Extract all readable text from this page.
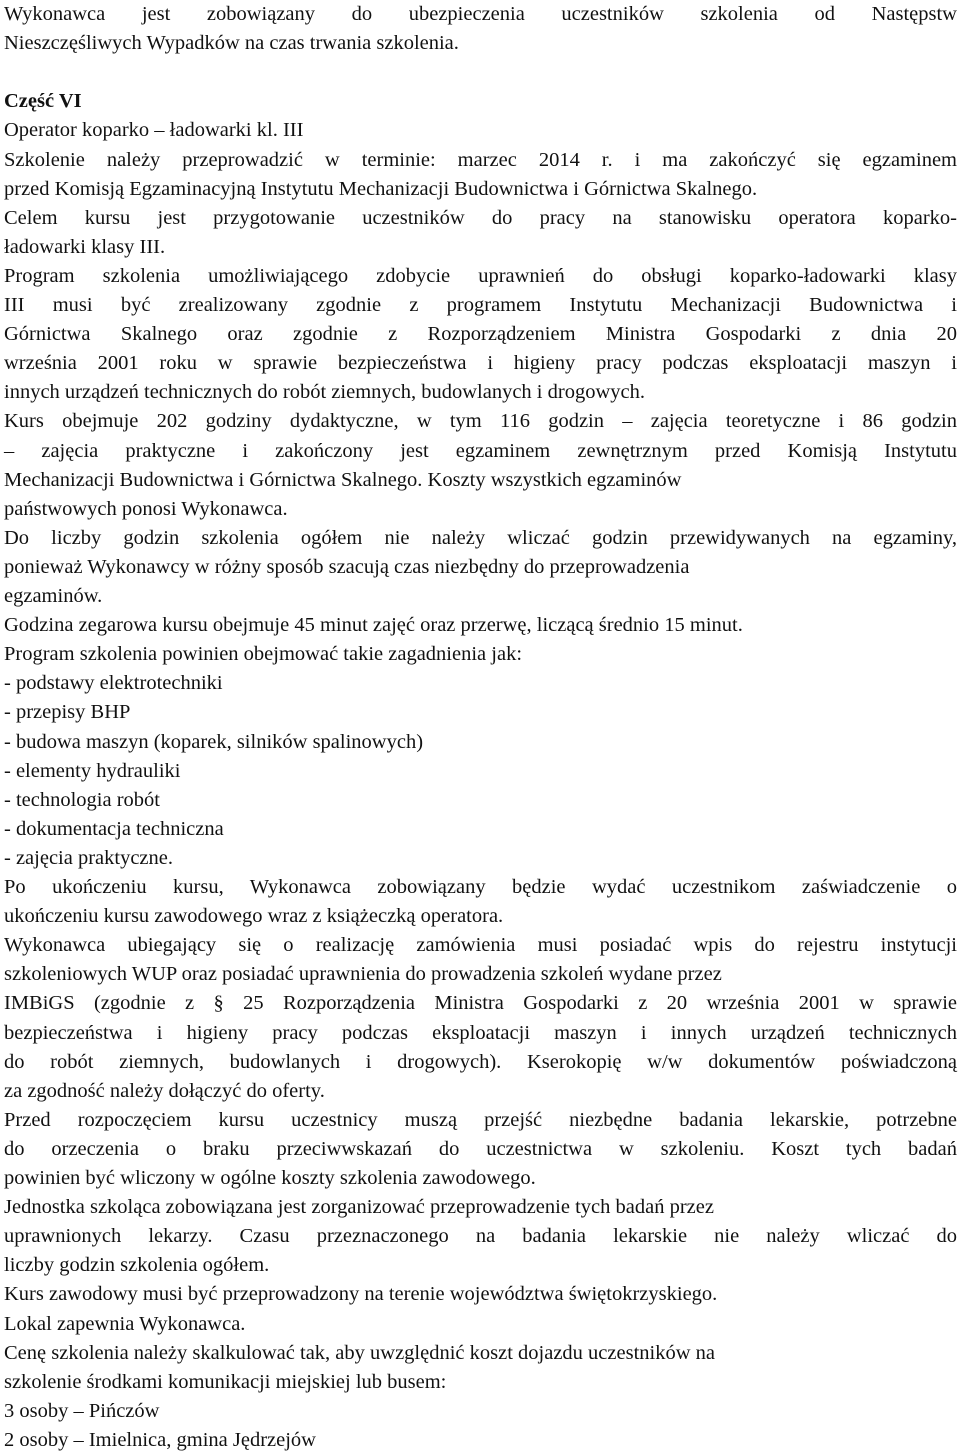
Wykonawca jest zobowiązany do ubezpieczenia uczestników szkolenia od Następstw

Nieszczęśliwych Wypadków na czas trwania szkolenia.

Część VI

Operator koparko – ładowarki kl. III

Szkolenie należy przeprowadzić w terminie: marzec 2014 r. i ma zakończyć się egzaminem

przed Komisją Egzaminacyjną Instytutu Mechanizacji Budownictwa i Górnictwa Skalnego.

Celem kursu jest przygotowanie uczestników do pracy na stanowisku operatora koparko-

ładowarki klasy III.

Program szkolenia umożliwiającego zdobycie uprawnień do obsługi koparko-ładowarki klasy

III musi być zrealizowany zgodnie z programem Instytutu Mechanizacji Budownictwa i

Górnictwa Skalnego oraz zgodnie z Rozporządzeniem Ministra Gospodarki z dnia 20

września 2001 roku w sprawie bezpieczeństwa i higieny pracy podczas eksploatacji maszyn i

innych urządzeń technicznych do robót ziemnych, budowlanych i drogowych.

Kurs obejmuje 202 godziny dydaktyczne, w tym 116 godzin – zajęcia teoretyczne i 86 godzin

– zajęcia praktyczne i zakończony jest egzaminem zewnętrznym przed Komisją Instytutu

Mechanizacji Budownictwa i Górnictwa Skalnego. Koszty wszystkich egzaminów

państwowych ponosi Wykonawca.

Do liczby godzin szkolenia ogółem nie należy wliczać godzin przewidywanych na egzaminy,

ponieważ Wykonawcy w różny sposób szacują czas niezbędny do przeprowadzenia

egzaminów.

Godzina zegarowa kursu obejmuje 45 minut zajęć oraz przerwę, liczącą średnio 15 minut.

Program szkolenia powinien obejmować takie zagadnienia jak:

- podstawy elektrotechniki

- przepisy BHP

- budowa maszyn (koparek, silników spalinowych)

- elementy hydrauliki

- technologia robót

- dokumentacja techniczna

- zajęcia praktyczne.

Po ukończeniu kursu, Wykonawca zobowiązany będzie wydać uczestnikom zaświadczenie o

ukończeniu kursu zawodowego wraz z książeczką operatora.

Wykonawca ubiegający się o realizację zamówienia musi posiadać wpis do rejestru instytucji

szkoleniowych WUP oraz posiadać uprawnienia do prowadzenia szkoleń wydane przez

IMBiGS (zgodnie z § 25 Rozporządzenia Ministra Gospodarki z 20 września 2001 w sprawie

bezpieczeństwa i higieny pracy podczas eksploatacji maszyn i innych urządzeń technicznych

do robót ziemnych, budowlanych i drogowych). Kserokopię w/w dokumentów poświadczoną

za zgodność należy dołączyć do oferty.

Przed rozpoczęciem kursu uczestnicy muszą przejść niezbędne badania lekarskie, potrzebne

do orzeczenia o braku przeciwwskazań do uczestnictwa w szkoleniu. Koszt tych badań

powinien być wliczony w ogólne koszty szkolenia zawodowego.

Jednostka szkoląca zobowiązana jest zorganizować przeprowadzenie tych badań przez

uprawnionych lekarzy. Czasu przeznaczonego na badania lekarskie nie należy wliczać do

liczby godzin szkolenia ogółem.

Kurs zawodowy musi być przeprowadzony na terenie województwa świętokrzyskiego.

Lokal zapewnia Wykonawca.

Cenę szkolenia należy skalkulować tak, aby uwzględnić koszt dojazdu uczestników na

szkolenie środkami komunikacji miejskiej lub busem:

3 osoby – Pińczów

2 osoby – Imielnica, gmina Jędrzejów
